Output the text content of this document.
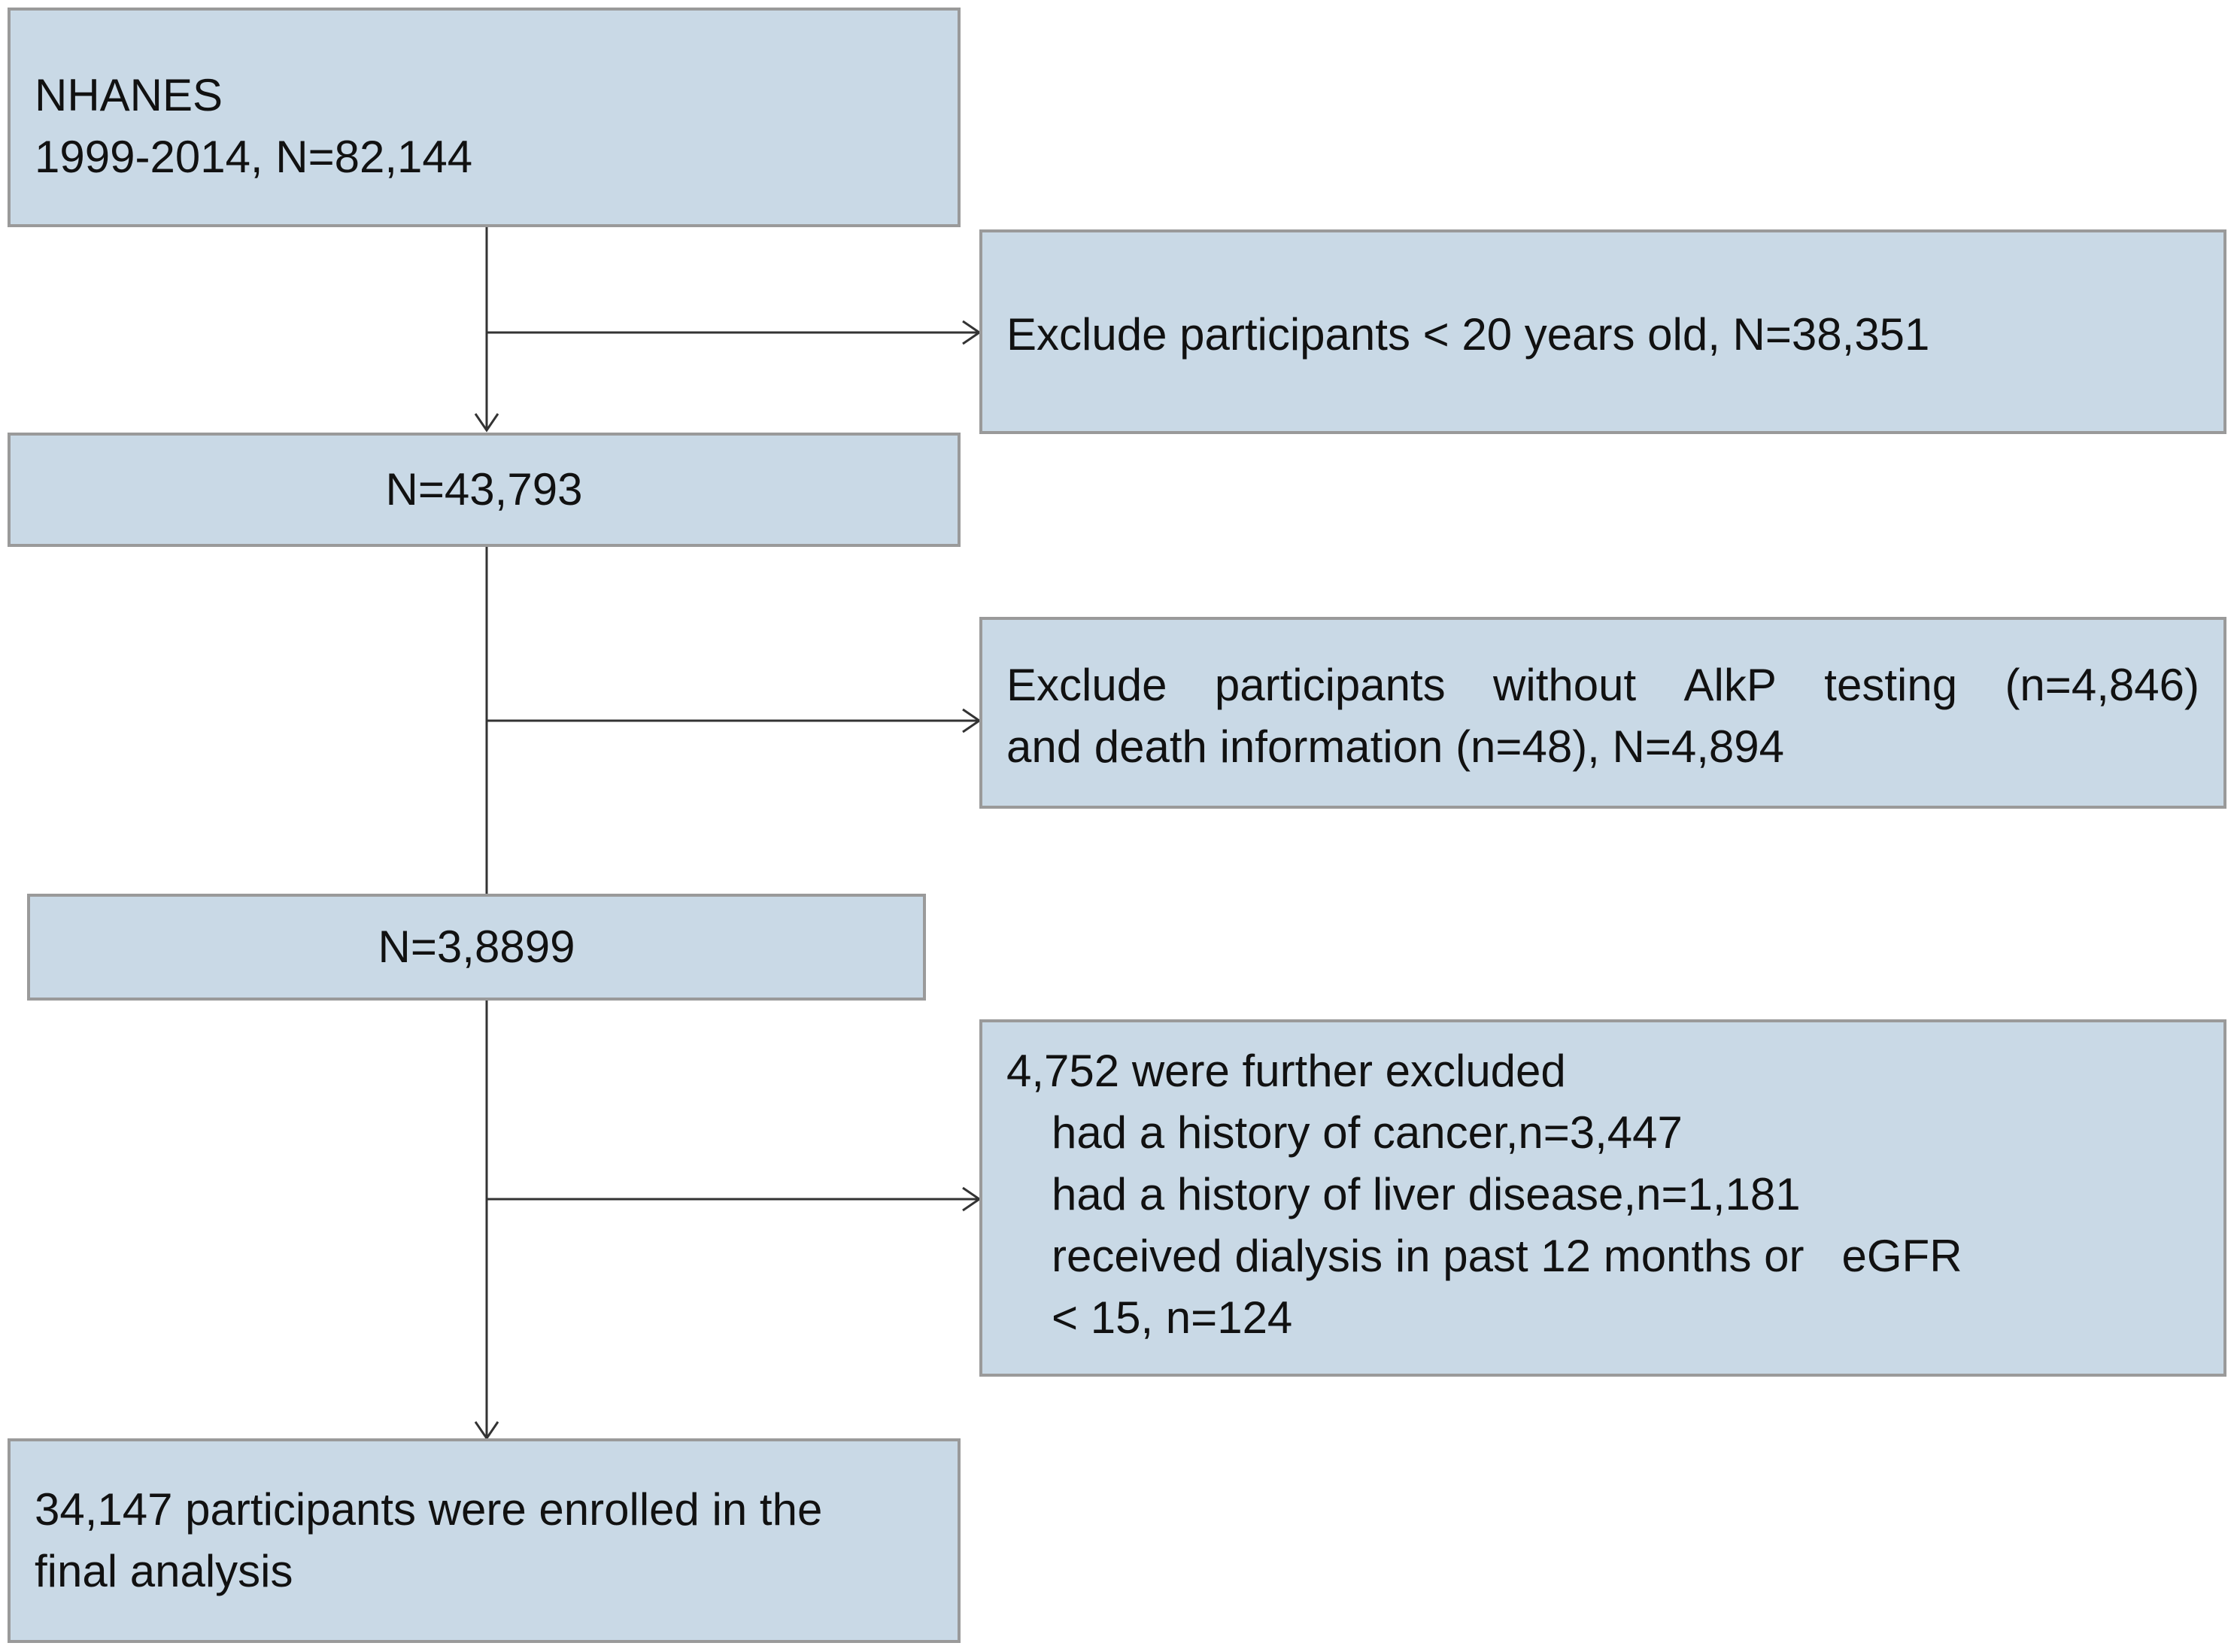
NHANES
1999-2014, N=82,144
Exclude participants < 20 years old, N=38,351
N=43,793
Exclude participants without AlkP testing (n=4,846)
and death information (n=48), N=4,894
N=3,8899
4,752 were further excluded
had a history of cancer,n=3,447
had a history of liver disease,n=1,181
received dialysis in past 12 months or   eGFR
< 15, n=124
34,147 participants were enrolled in the
final analysis
